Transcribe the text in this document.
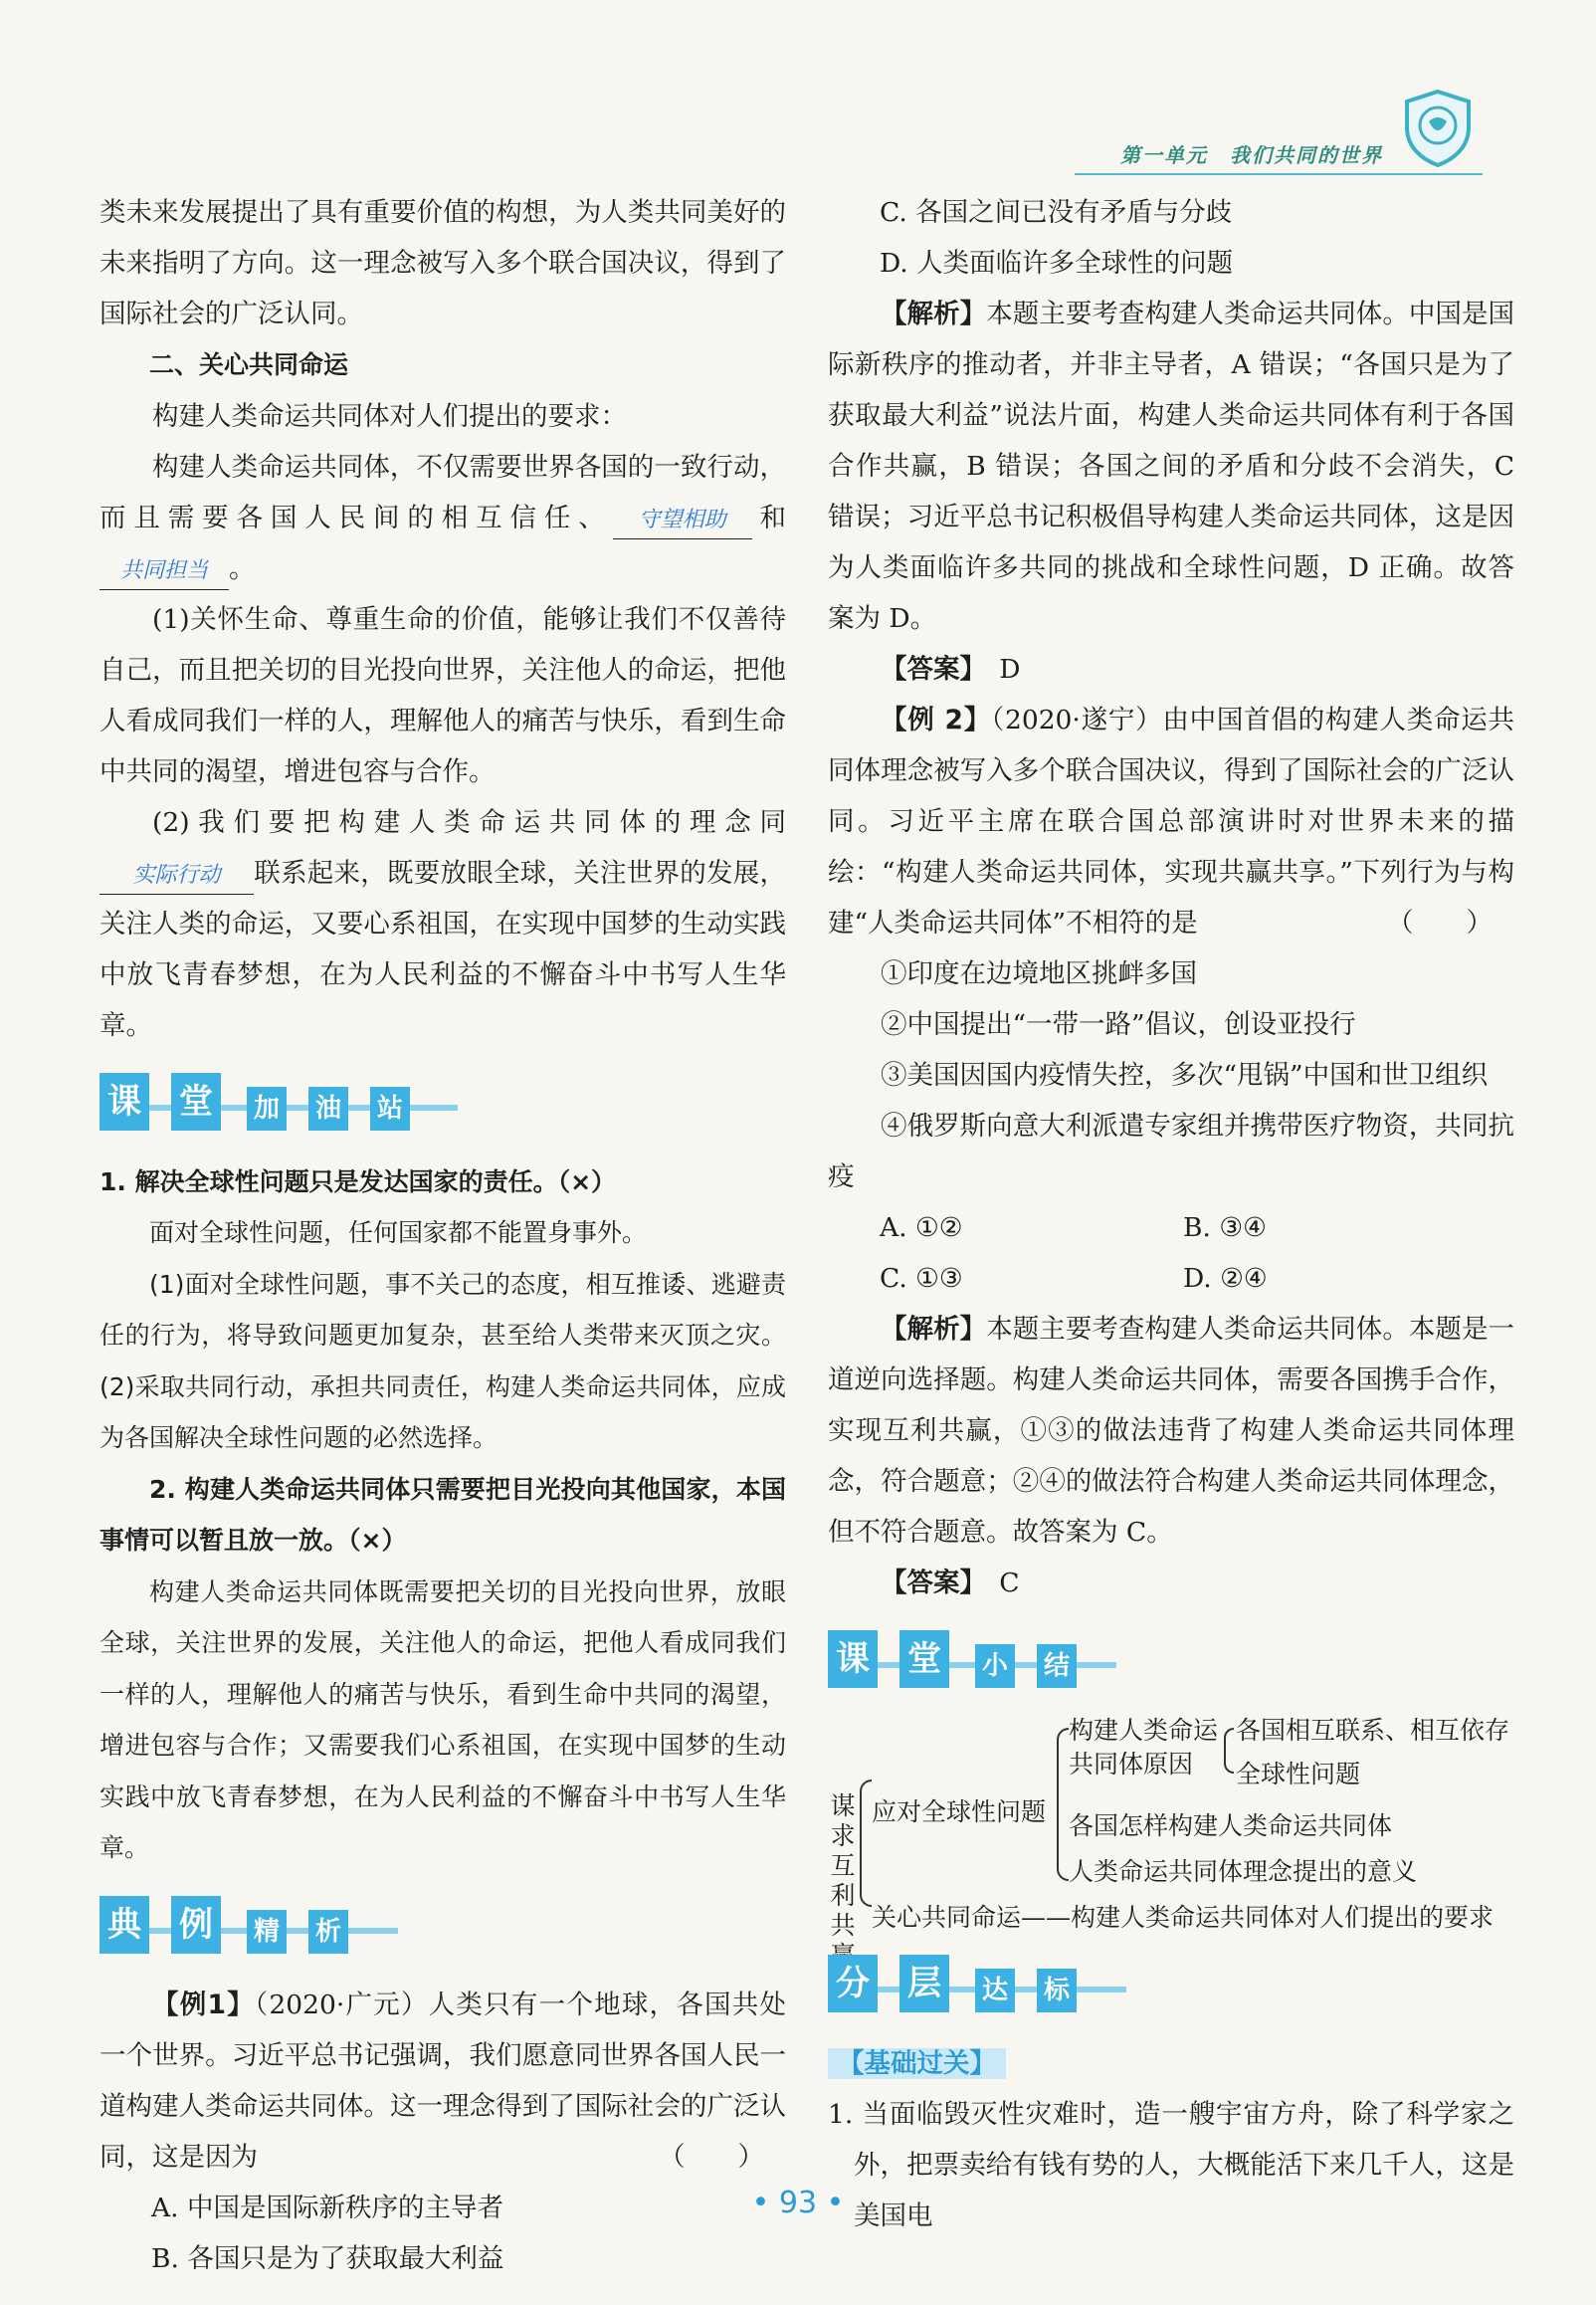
第一单元　我们共同的世界

类未来发展提出了具有重要价值的构想，为人类共同美好的未来指明了方向。这一理念被写入多个联合国决议，得到了国际社会的广泛认同。

二、关心共同命运

构建人类命运共同体对人们提出的要求：

构建人类命运共同体，不仅需要世界各国的一致行动，而且需要各国人民间的相互信任、 守望相助 和共同担当 。

(1)关怀生命、尊重生命的价值，能够让我们不仅善待自己，而且把关切的目光投向世界，关注他人的命运，把他人看成同我们一样的人，理解他人的痛苦与快乐，看到生命中共同的渴望，增进包容与合作。

(2)我们要把构建人类命运共同体的理念同实际行动 联系起来，既要放眼全球，关注世界的发展，关注人类的命运，又要心系祖国，在实现中国梦的生动实践中放飞青春梦想，在为人民利益的不懈奋斗中书写人生华章。

课 堂	加 油 站

1. 解决全球性问题只是发达国家的责任。（×）

面对全球性问题，任何国家都不能置身事外。

(1)面对全球性问题，事不关己的态度，相互推诿、逃避责任的行为，将导致问题更加复杂，甚至给人类带来灭顶之灾。(2)采取共同行动，承担共同责任，构建人类命运共同体，应成为各国解决全球性问题的必然选择。

2. 构建人类命运共同体只需要把目光投向其他国家，本国事情可以暂且放一放。（×）

构建人类命运共同体既需要把关切的目光投向世界，放眼全球，关注世界的发展，关注他人的命运，把他人看成同我们一样的人，理解他人的痛苦与快乐，看到生命中共同的渴望，增进包容与合作；又需要我们心系祖国，在实现中国梦的生动实践中放飞青春梦想，在为人民利益的不懈奋斗中书写人生华章。

典 例	精 析

【例1】（2020·广元）人类只有一个地球，各国共处一个世界。习近平总书记强调，我们愿意同世界各国人民一道构建人类命运共同体。这一理念得到了国际社会的广泛认同，这是因为	（　　）

A. 中国是国际新秩序的主导者

B. 各国只是为了获取最大利益

C. 各国之间已没有矛盾与分歧

D. 人类面临许多全球性的问题

【解析】本题主要考查构建人类命运共同体。中国是国际新秩序的推动者，并非主导者，A 错误；“各国只是为了获取最大利益”说法片面，构建人类命运共同体有利于各国合作共赢，B 错误；各国之间的矛盾和分歧不会消失，C 错误；习近平总书记积极倡导构建人类命运共同体，这是因为人类面临许多共同的挑战和全球性问题，D 正确。故答案为 D。

【答案】　 D

【例 2】（2020·遂宁）由中国首倡的构建人类命运共同体理念被写入多个联合国决议，得到了国际社会的广泛认同。习近平主席在联合国总部演讲时对世界未来的描绘：“构建人类命运共同体，实现共赢共享。”下列行为与构建“人类命运共同体”不相符的是	（　　）

①印度在边境地区挑衅多国

②中国提出“一带一路”倡议，创设亚投行

③美国因国内疫情失控，多次“甩锅”中国和世卫组织

④俄罗斯向意大利派遣专家组并携带医疗物资，共同抗疫

A. ①②	B. ③④
C. ①③	D. ②④

【解析】本题主要考查构建人类命运共同体。本题是一道逆向选择题。构建人类命运共同体，需要各国携手合作，实现互利共赢，①③的做法违背了构建人类命运共同体理念，符合题意；②④的做法符合构建人类命运共同体理念，但不符合题意。故答案为 C。

【答案】　 C

课 堂	小 结
谋求互利共
应对全球性问题
构建人类命运
共同体原因
各国相互联系、相互依存
全球性问题
各国怎样构建人类命运共同体
人类命运共同体理念提出的意义
关心共同命运——构建人类命运共同体对人们提出的要求
分 层	达 标

【基础过关】

1. 当面临毁灭性灾难时，造一艘宇宙方舟，除了科学家之外，把票卖给有钱有势的人，大概能活下来几千人，这是美国电

• 93 •
